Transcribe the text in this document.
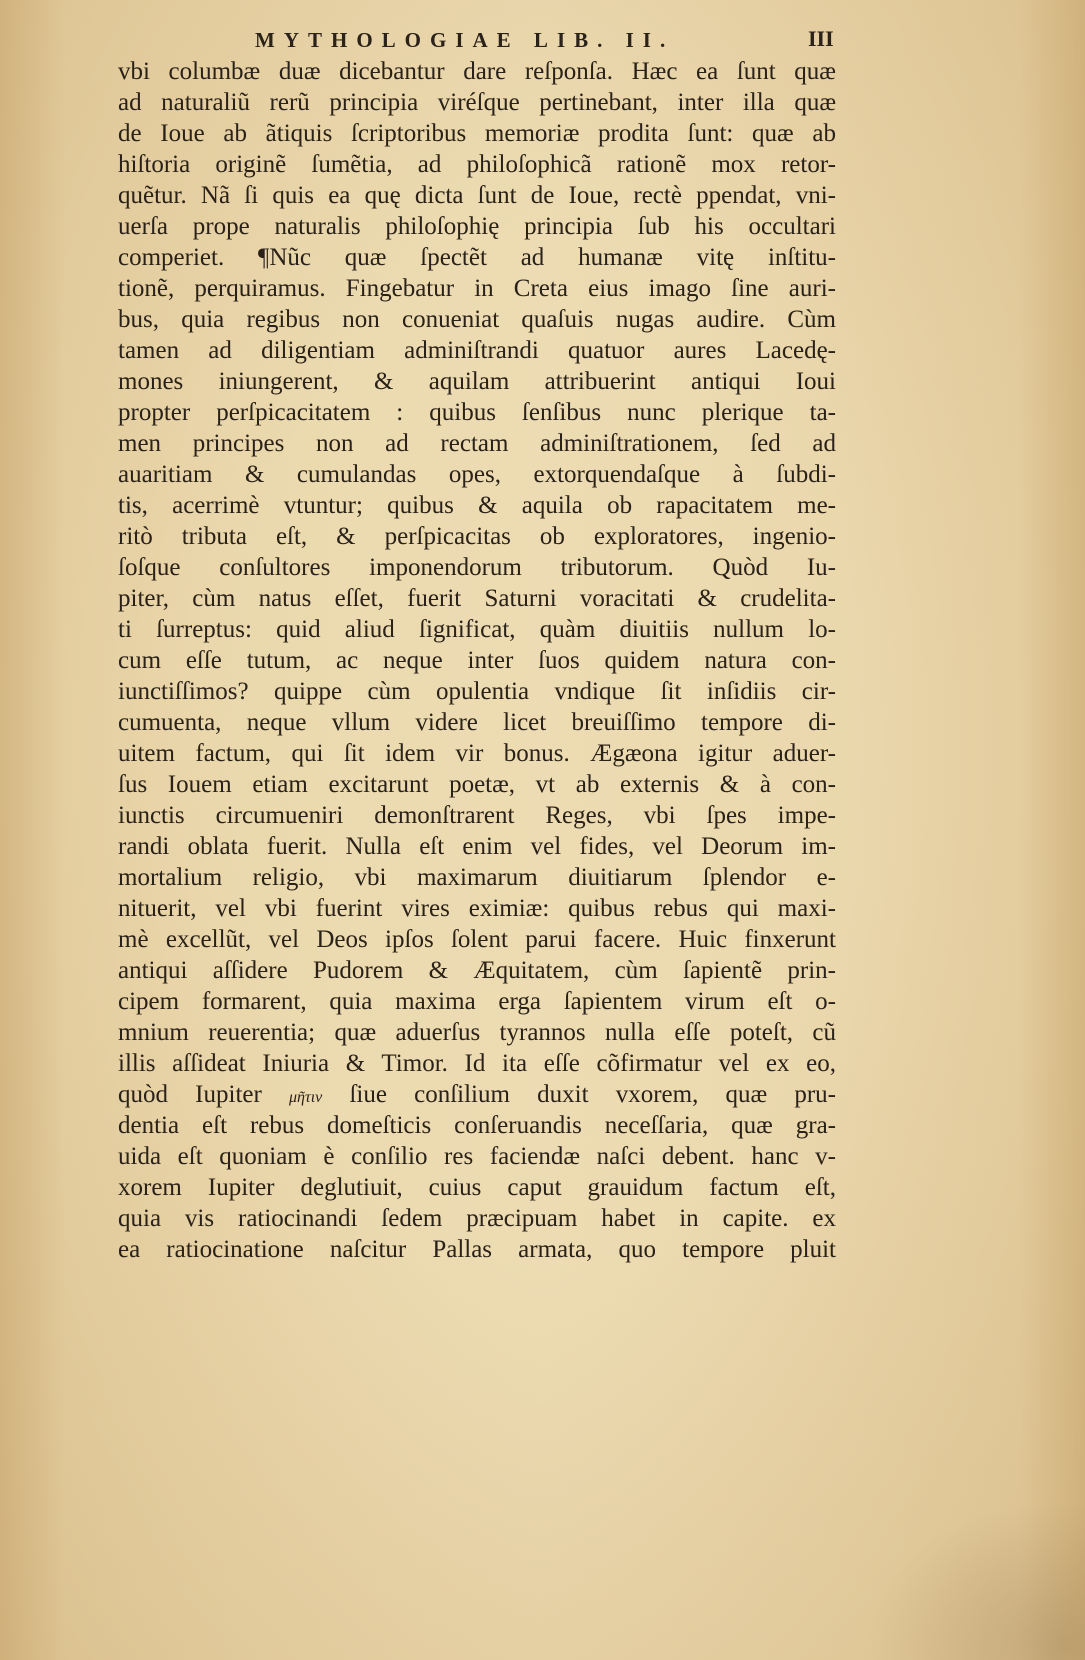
MYTHOLOGIAE LIB. II.	III
vbi columbæ duæ dicebantur dare reſponſa. Hæc ea ſunt quæ
ad naturaliũ rerũ principia viréſque pertinebant, inter illa quæ
de Ioue ab ãtiquis ſcriptoribus memoriæ prodita ſunt: quæ ab
hiſtoria originẽ ſumẽtia, ad philoſophicã rationẽ mox retor-
quẽtur. Nã ſi quis ea quę dicta ſunt de Ioue, rectè ppendat, vni-
uerſa prope naturalis philoſophię principia ſub his occultari
comperiet. ¶Nũc quæ ſpectẽt ad humanæ vitę inſtitu-
tionẽ, perquiramus. Fingebatur in Creta eius imago ſine auri-
bus, quia regibus non conueniat quaſuis nugas audire. Cùm
tamen ad diligentiam adminiſtrandi quatuor aures Lacedę-
mones iniungerent, & aquilam attribuerint antiqui Ioui
propter perſpicacitatem : quibus ſenſibus nunc plerique ta-
men principes non ad rectam adminiſtrationem, ſed ad
auaritiam & cumulandas opes, extorquendaſque à ſubdi-
tis, acerrimè vtuntur; quibus & aquila ob rapacitatem me-
ritò tributa eſt, & perſpicacitas ob exploratores, ingenio-
ſoſque conſultores imponendorum tributorum. Quòd Iu-
piter, cùm natus eſſet, fuerit Saturni voracitati & crudelita-
ti ſurreptus: quid aliud ſignificat, quàm diuitiis nullum lo-
cum eſſe tutum, ac neque inter ſuos quidem natura con-
iunctiſſimos? quippe cùm opulentia vndique ſit inſidiis cir-
cumuenta, neque vllum videre licet breuiſſimo tempore di-
uitem factum, qui ſit idem vir bonus. Ægæona igitur aduer-
ſus Iouem etiam excitarunt poetæ, vt ab externis & à con-
iunctis circumueniri demonſtrarent Reges, vbi ſpes impe-
randi oblata fuerit. Nulla eſt enim vel fides, vel Deorum im-
mortalium religio, vbi maximarum diuitiarum ſplendor e-
nituerit, vel vbi fuerint vires eximiæ: quibus rebus qui maxi-
mè excellũt, vel Deos ipſos ſolent parui facere. Huic finxerunt
antiqui aſſidere Pudorem & Æquitatem, cùm ſapientẽ prin-
cipem formarent, quia maxima erga ſapientem virum eſt o-
mnium reuerentia; quæ aduerſus tyrannos nulla eſſe poteſt, cũ
illis aſſideat Iniuria & Timor. Id ita eſſe cõfirmatur vel ex eo,
quòd Iupiter μῆτιν ſiue conſilium duxit vxorem, quæ pru-
dentia eſt rebus domeſticis conſeruandis neceſſaria, quæ gra-
uida eſt quoniam è conſilio res faciendæ naſci debent. hanc v-
xorem Iupiter deglutiuit, cuius caput grauidum factum eſt,
quia vis ratiocinandi ſedem præcipuam habet in capite. ex
ea ratiocinatione naſcitur Pallas armata, quo tempore pluit
